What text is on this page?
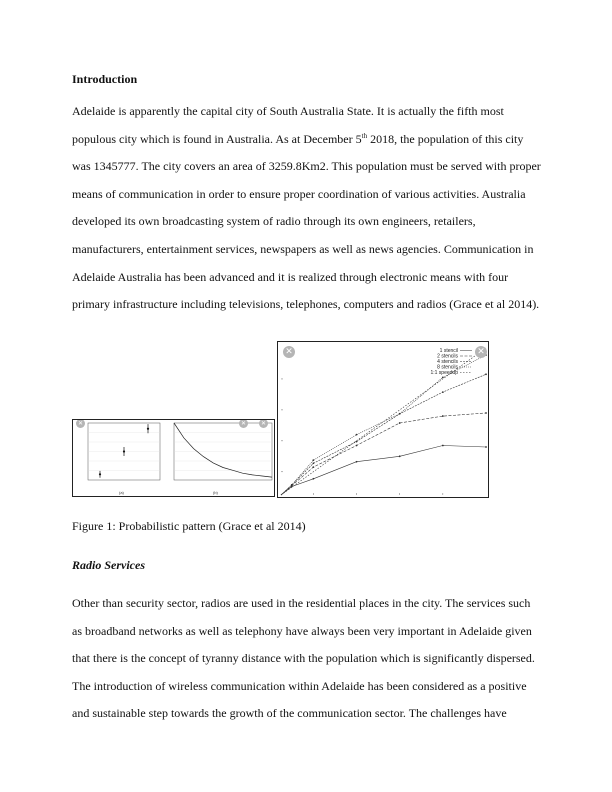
Introduction

Adelaide is apparently the capital city of South Australia State. It is actually the fifth most populous city which is found in Australia. As at December 5th 2018, the population of this city was 1345777. The city covers an area of 3259.8Km2. This population must be served with proper means of communication in order to ensure proper coordination of various activities. Australia developed its own broadcasting system of radio through its own engineers, retailers, manufacturers, entertainment services, newspapers as well as news agencies. Communication in Adelaide Australia has been advanced and it is realized through electronic means with four primary infrastructure including televisions, telephones, computers and radios (Grace et al 2014).

(a)	(b)
✕	✕	✕
1 stencil
2 stencils
4 stencils
8 stencils
1:1 speedup
✕	✕
Figure 1: Probabilistic pattern (Grace et al 2014)
Radio Services

Other than security sector, radios are used in the residential places in the city. The services such as broadband networks as well as telephony have always been very important in Adelaide given that there is the concept of tyranny distance with the population which is significantly dispersed. The introduction of wireless communication within Adelaide has been considered as a positive and sustainable step towards the growth of the communication sector. The challenges have
